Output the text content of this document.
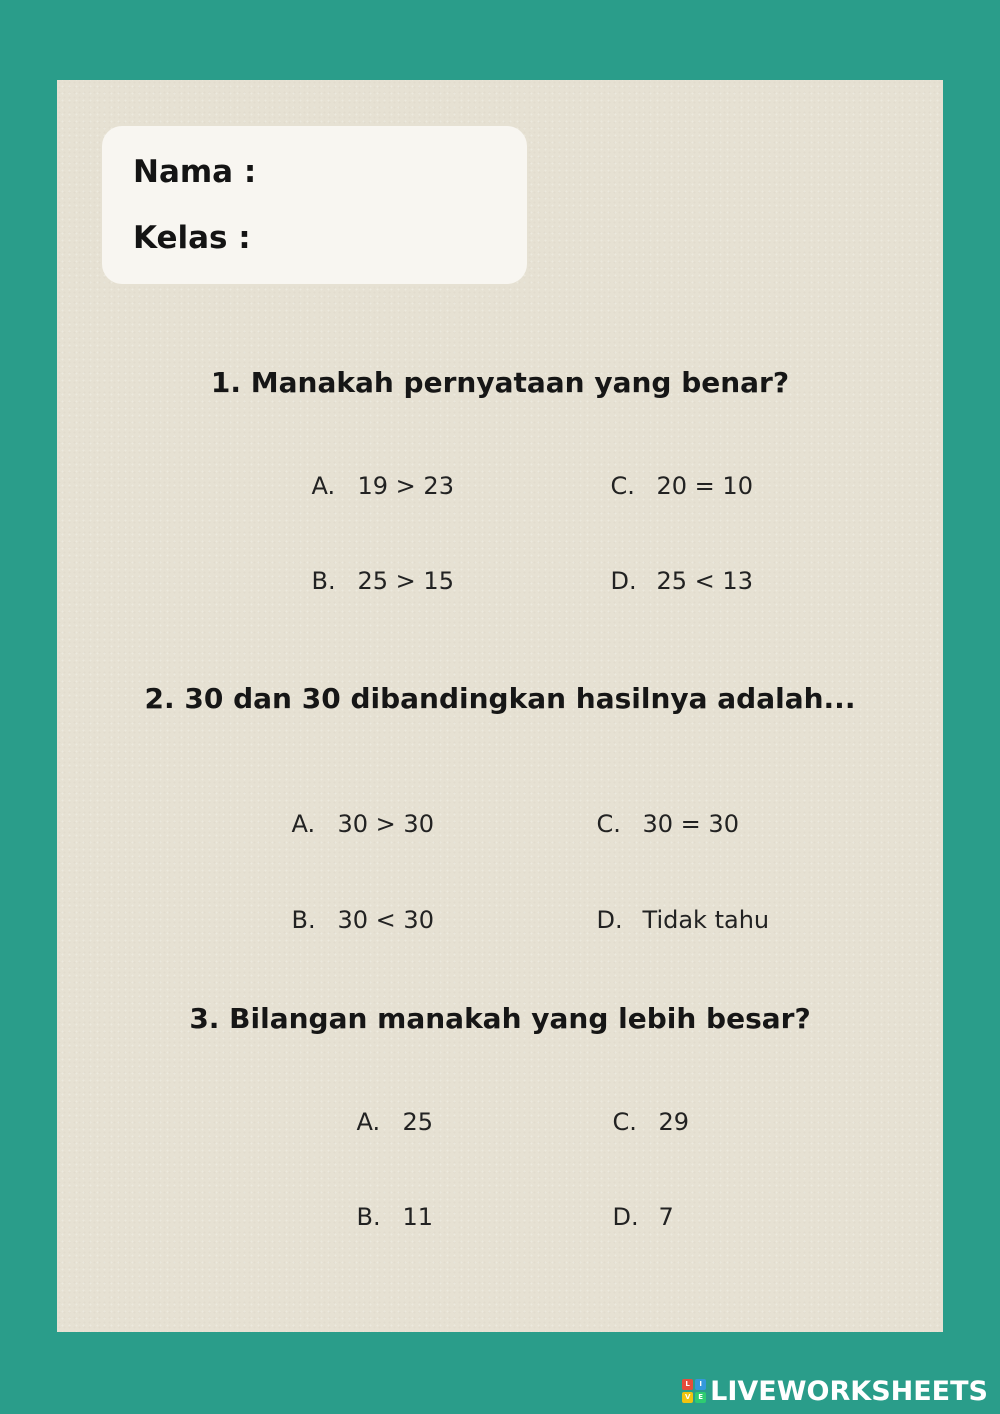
Nama :
Kelas :
1. Manakah pernyataan yang benar?

A. 19 > 23

B. 25 > 15

C. 20 = 10

D. 25 < 13

2. 30 dan 30 dibandingkan hasilnya adalah...

A. 30 > 30

B. 30 < 30

C. 30 = 30

D. Tidak tahu

3. Bilangan manakah yang lebih besar?

A. 25

B. 11

C. 29

D. 7

L	I
V	E LIVEWORKSHEETS
